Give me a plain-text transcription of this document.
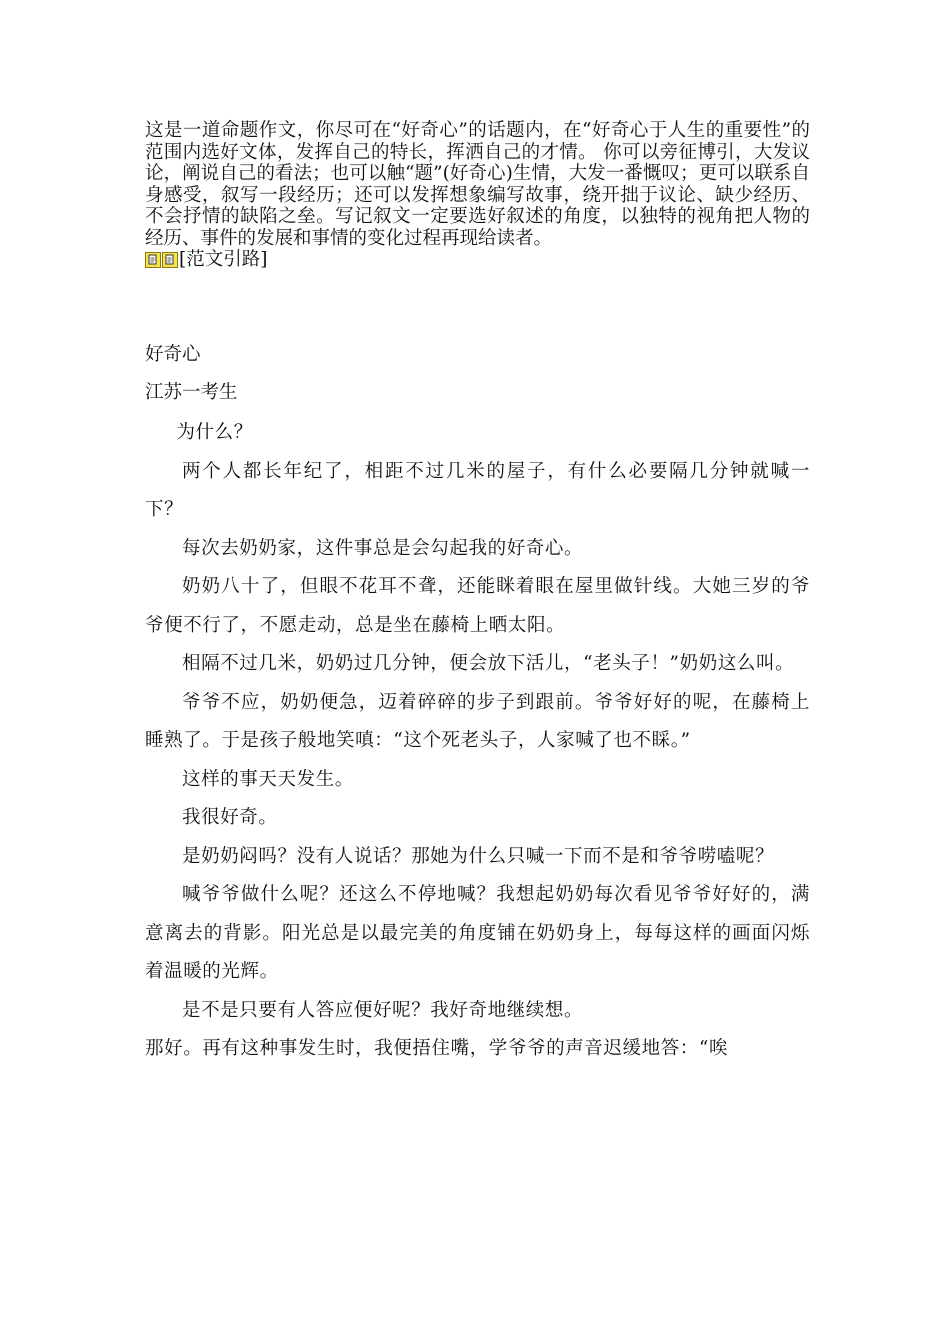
这是一道命题作文，你尽可在“好奇心”的话题内，在“好奇心于人生的重要性”的范围内选好文体，发挥自己的特长，挥洒自己的才情。 你可以旁征博引，大发议论，阐说自己的看法；也可以触“题”(好奇心)生情，大发一番慨叹；更可以联系自身感受，叙写一段经历；还可以发挥想象编写故事，绕开拙于议论、缺少经历、不会抒情的缺陷之垒。写记叙文一定要选好叙述的角度，以独特的视角把人物的经历、事件的发展和事情的变化过程再现给读者。

[范文引路]

好奇心

江苏一考生

为什么？

两个人都长年纪了，相距不过几米的屋子，有什么必要隔几分钟就喊一下？

每次去奶奶家，这件事总是会勾起我的好奇心。

奶奶八十了，但眼不花耳不聋，还能眯着眼在屋里做针线。大她三岁的爷爷便不行了，不愿走动，总是坐在藤椅上晒太阳。

相隔不过几米，奶奶过几分钟，便会放下活儿，“老头子！”奶奶这么叫。

爷爷不应，奶奶便急，迈着碎碎的步子到跟前。爷爷好好的呢，在藤椅上睡熟了。于是孩子般地笑嗔：“这个死老头子，人家喊了也不睬。”

这样的事天天发生。

我很好奇。

是奶奶闷吗？没有人说话？那她为什么只喊一下而不是和爷爷唠嗑呢？

喊爷爷做什么呢？还这么不停地喊？我想起奶奶每次看见爷爷好好的，满意离去的背影。阳光总是以最完美的角度铺在奶奶身上，每每这样的画面闪烁着温暖的光辉。

是不是只要有人答应便好呢？我好奇地继续想。

那好。再有这种事发生时，我便捂住嘴，学爷爷的声音迟缓地答：“唉
